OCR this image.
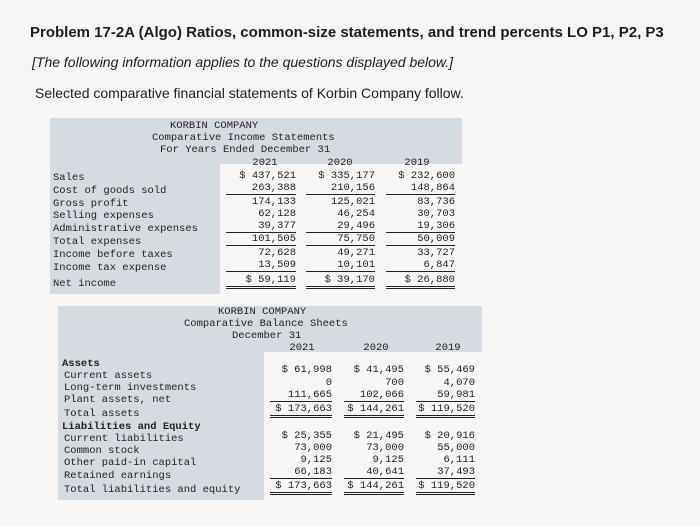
Problem 17-2A (Algo) Ratios, common-size statements, and trend percents LO P1, P2, P3
[The following information applies to the questions displayed below.]
Selected comparative financial statements of Korbin Company follow.
KORBIN COMPANY
Comparative Income Statements
For Years Ended December 31
2021	2020	2019
Sales	$ 437,521	$ 335,177	$ 232,600
Cost of goods sold	263,388	210,156	148,864
Gross profit	174,133	125,021	83,736
Selling expenses	62,128	46,254	30,703
Administrative expenses	39,377	29,496	19,306
Total expenses	101,505	75,750	50,009
Income before taxes	72,628	49,271	33,727
Income tax expense	13,509	10,101	6,847
Net income	$ 59,119	$ 39,170	$ 26,880
KORBIN COMPANY
Comparative Balance Sheets
December 31
2021	2020	2019
Assets
Current assets	$ 61,998	$ 41,495	$ 55,469
Long-term investments	0	700	4,070
Plant assets, net	111,665	102,066	59,981
Total assets	$ 173,663	$ 144,261 $ 119,520
Liabilities and Equity
Current liabilities	$ 25,355	$ 21,495	$ 20,916
Common stock	73,000	73,000	55,000
Other paid-in capital	9,125	9,125	6,111
Retained earnings	66,183	40,641	37,493
Total liabilities and equity	$ 173,663	$ 144,261 $ 119,520
